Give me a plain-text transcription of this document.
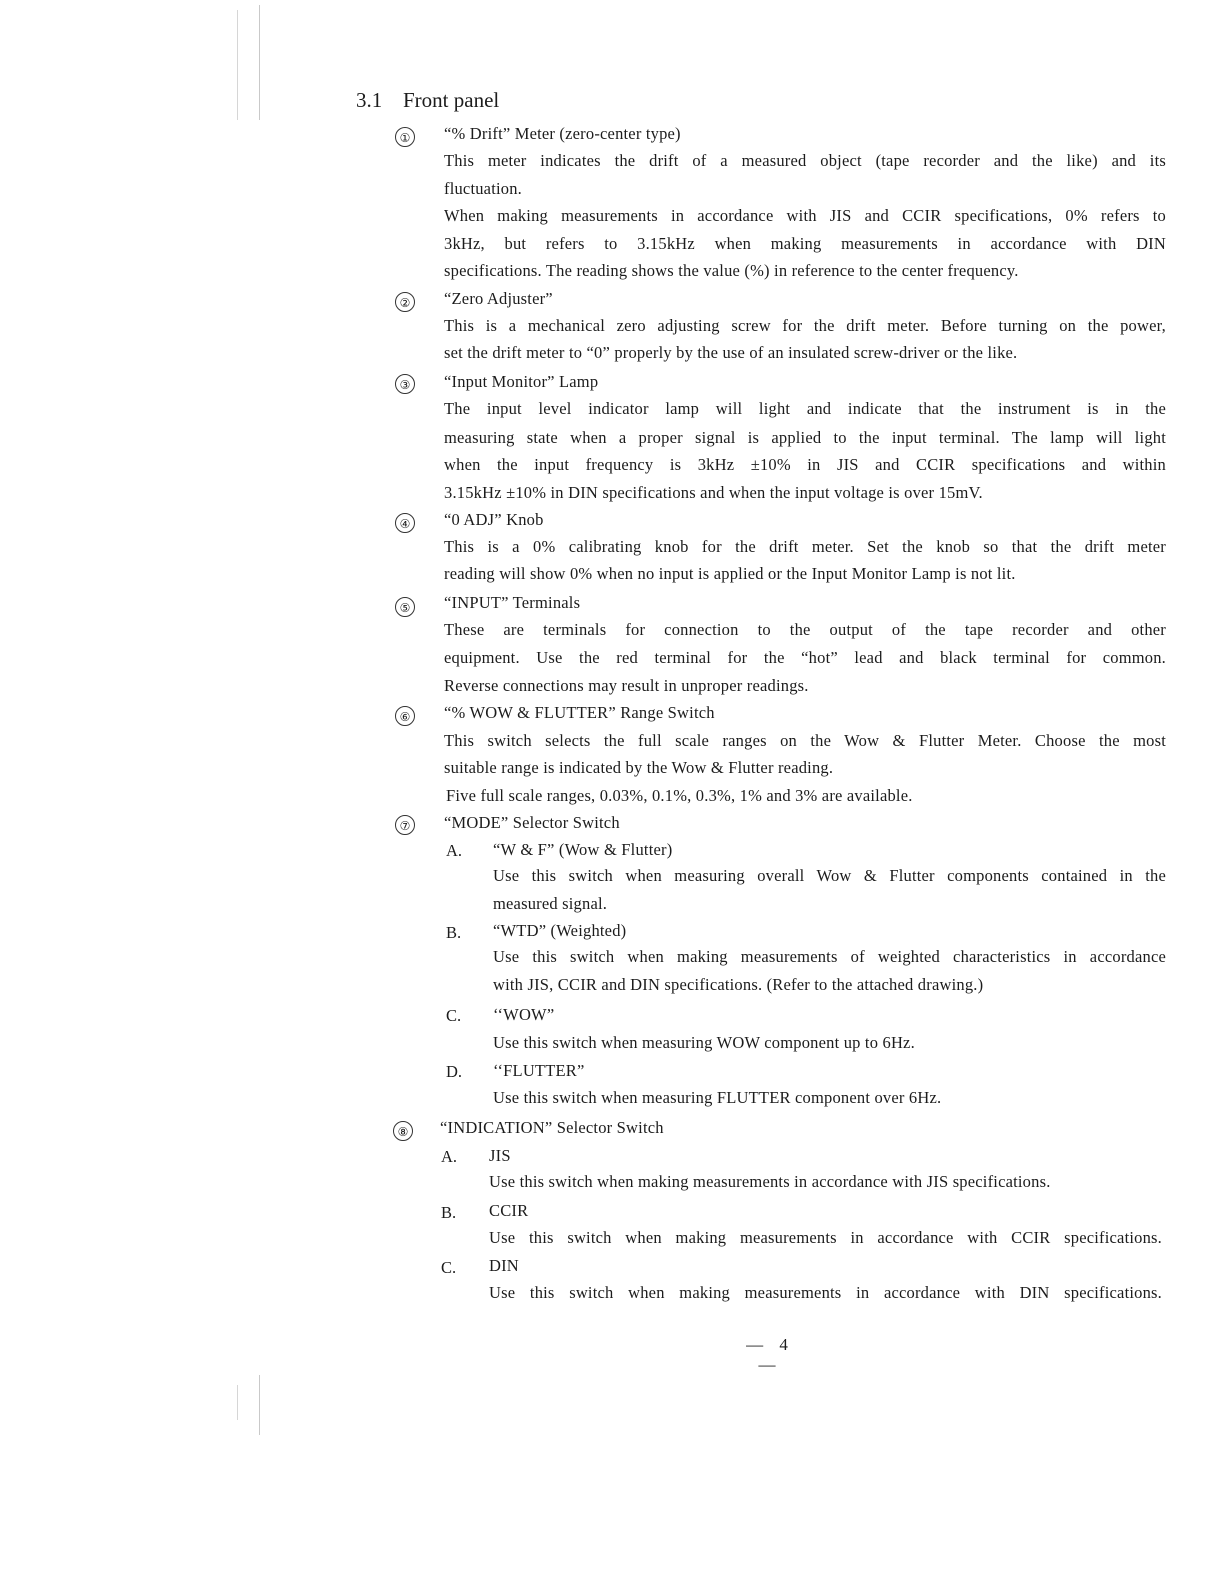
3.1 Front panel
① “% Drift” Meter (zero-center type)
This meter indicates the drift of a measured object (tape recorder and the like) and its
fluctuation.
When making measurements in accordance with JIS and CCIR specifications, 0% refers to
3kHz, but refers to 3.15kHz when making measurements in accordance with DIN
specifications. The reading shows the value (%) in reference to the center frequency.
② “Zero Adjuster”
This is a mechanical zero adjusting screw for the drift meter. Before turning on the power,
set the drift meter to “0” properly by the use of an insulated screw-driver or the like.
③ “Input Monitor” Lamp
The input level indicator lamp will light and indicate that the instrument is in the
measuring state when a proper signal is applied to the input terminal. The lamp will light
when the input frequency is 3kHz ±10% in JIS and CCIR specifications and within
3.15kHz ±10% in DIN specifications and when the input voltage is over 15mV.
④ “0 ADJ” Knob
This is a 0% calibrating knob for the drift meter. Set the knob so that the drift meter
reading will show 0% when no input is applied or the Input Monitor Lamp is not lit.
⑤ “INPUT” Terminals
These are terminals for connection to the output of the tape recorder and other
equipment. Use the red terminal for the “hot” lead and black terminal for common.
Reverse connections may result in unproper readings.
⑥ “% WOW & FLUTTER” Range Switch
This switch selects the full scale ranges on the Wow & Flutter Meter. Choose the most
suitable range is indicated by the Wow & Flutter reading.
Five full scale ranges, 0.03%, 0.1%, 0.3%, 1% and 3% are available.
⑦ “MODE” Selector Switch
A. “W & F” (Wow & Flutter)
Use this switch when measuring overall Wow & Flutter components contained in the
measured signal.
B. “WTD” (Weighted)
Use this switch when making measurements of weighted characteristics in accordance
with JIS, CCIR and DIN specifications. (Refer to the attached drawing.)
C. ‘‘WOW”
Use this switch when measuring WOW component up to 6Hz.
D. ‘‘FLUTTER”
Use this switch when measuring FLUTTER component over 6Hz.
⑧ “INDICATION” Selector Switch
A. JIS
Use this switch when making measurements in accordance with JIS specifications.
B. CCIR
Use this switch when making measurements in accordance with CCIR specifications.
C. DIN
Use this switch when making measurements in accordance with DIN specifications.
— 4 —
